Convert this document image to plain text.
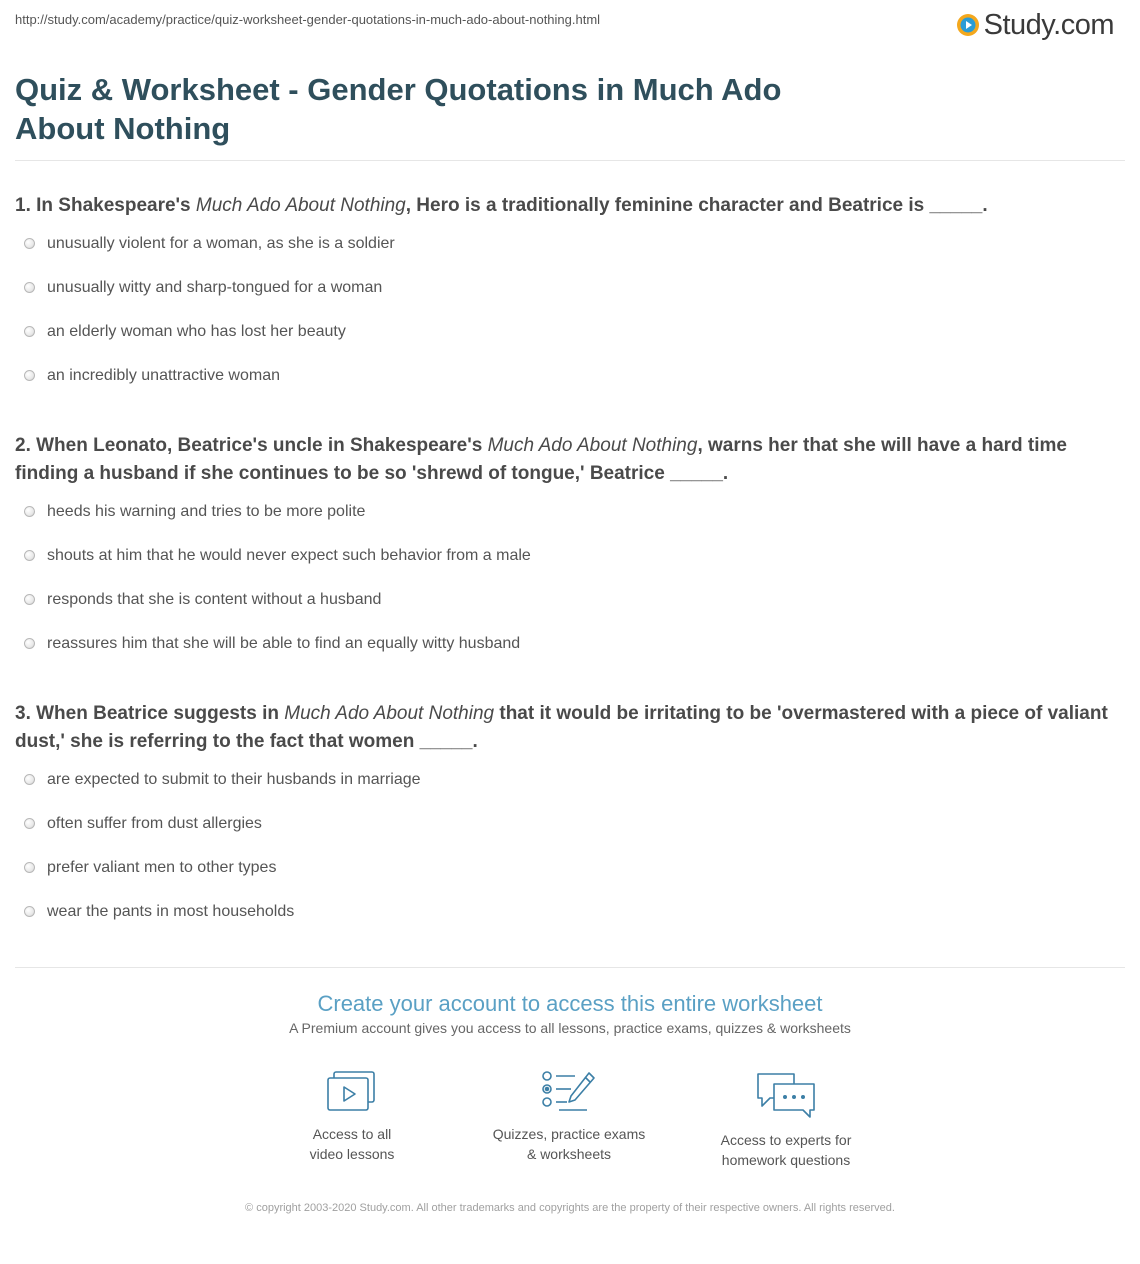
http://study.com/academy/practice/quiz-worksheet-gender-quotations-in-much-ado-about-nothing.html	Study.com
Quiz & Worksheet - Gender Quotations in Much Ado About Nothing

1. In Shakespeare's Much Ado About Nothing, Hero is a traditionally feminine character and Beatrice is _____.

unusually violent for a woman, as she is a soldier
unusually witty and sharp-tongued for a woman
an elderly woman who has lost her beauty
an incredibly unattractive woman

2. When Leonato, Beatrice's uncle in Shakespeare's Much Ado About Nothing, warns her that she will have a hard time finding a husband if she continues to be so 'shrewd of tongue,' Beatrice _____.

heeds his warning and tries to be more polite
shouts at him that he would never expect such behavior from a male
responds that she is content without a husband
reassures him that she will be able to find an equally witty husband

3. When Beatrice suggests in Much Ado About Nothing that it would be irritating to be 'overmastered with a piece of valiant dust,' she is referring to the fact that women _____.

are expected to submit to their husbands in marriage
often suffer from dust allergies
prefer valiant men to other types
wear the pants in most households
Create your account to access this entire worksheet
A Premium account gives you access to all lessons, practice exams, quizzes & worksheets
Access to all
video lessons
Quizzes, practice exams
& worksheets
Access to experts for
homework questions
© copyright 2003-2020 Study.com. All other trademarks and copyrights are the property of their respective owners. All rights reserved.
